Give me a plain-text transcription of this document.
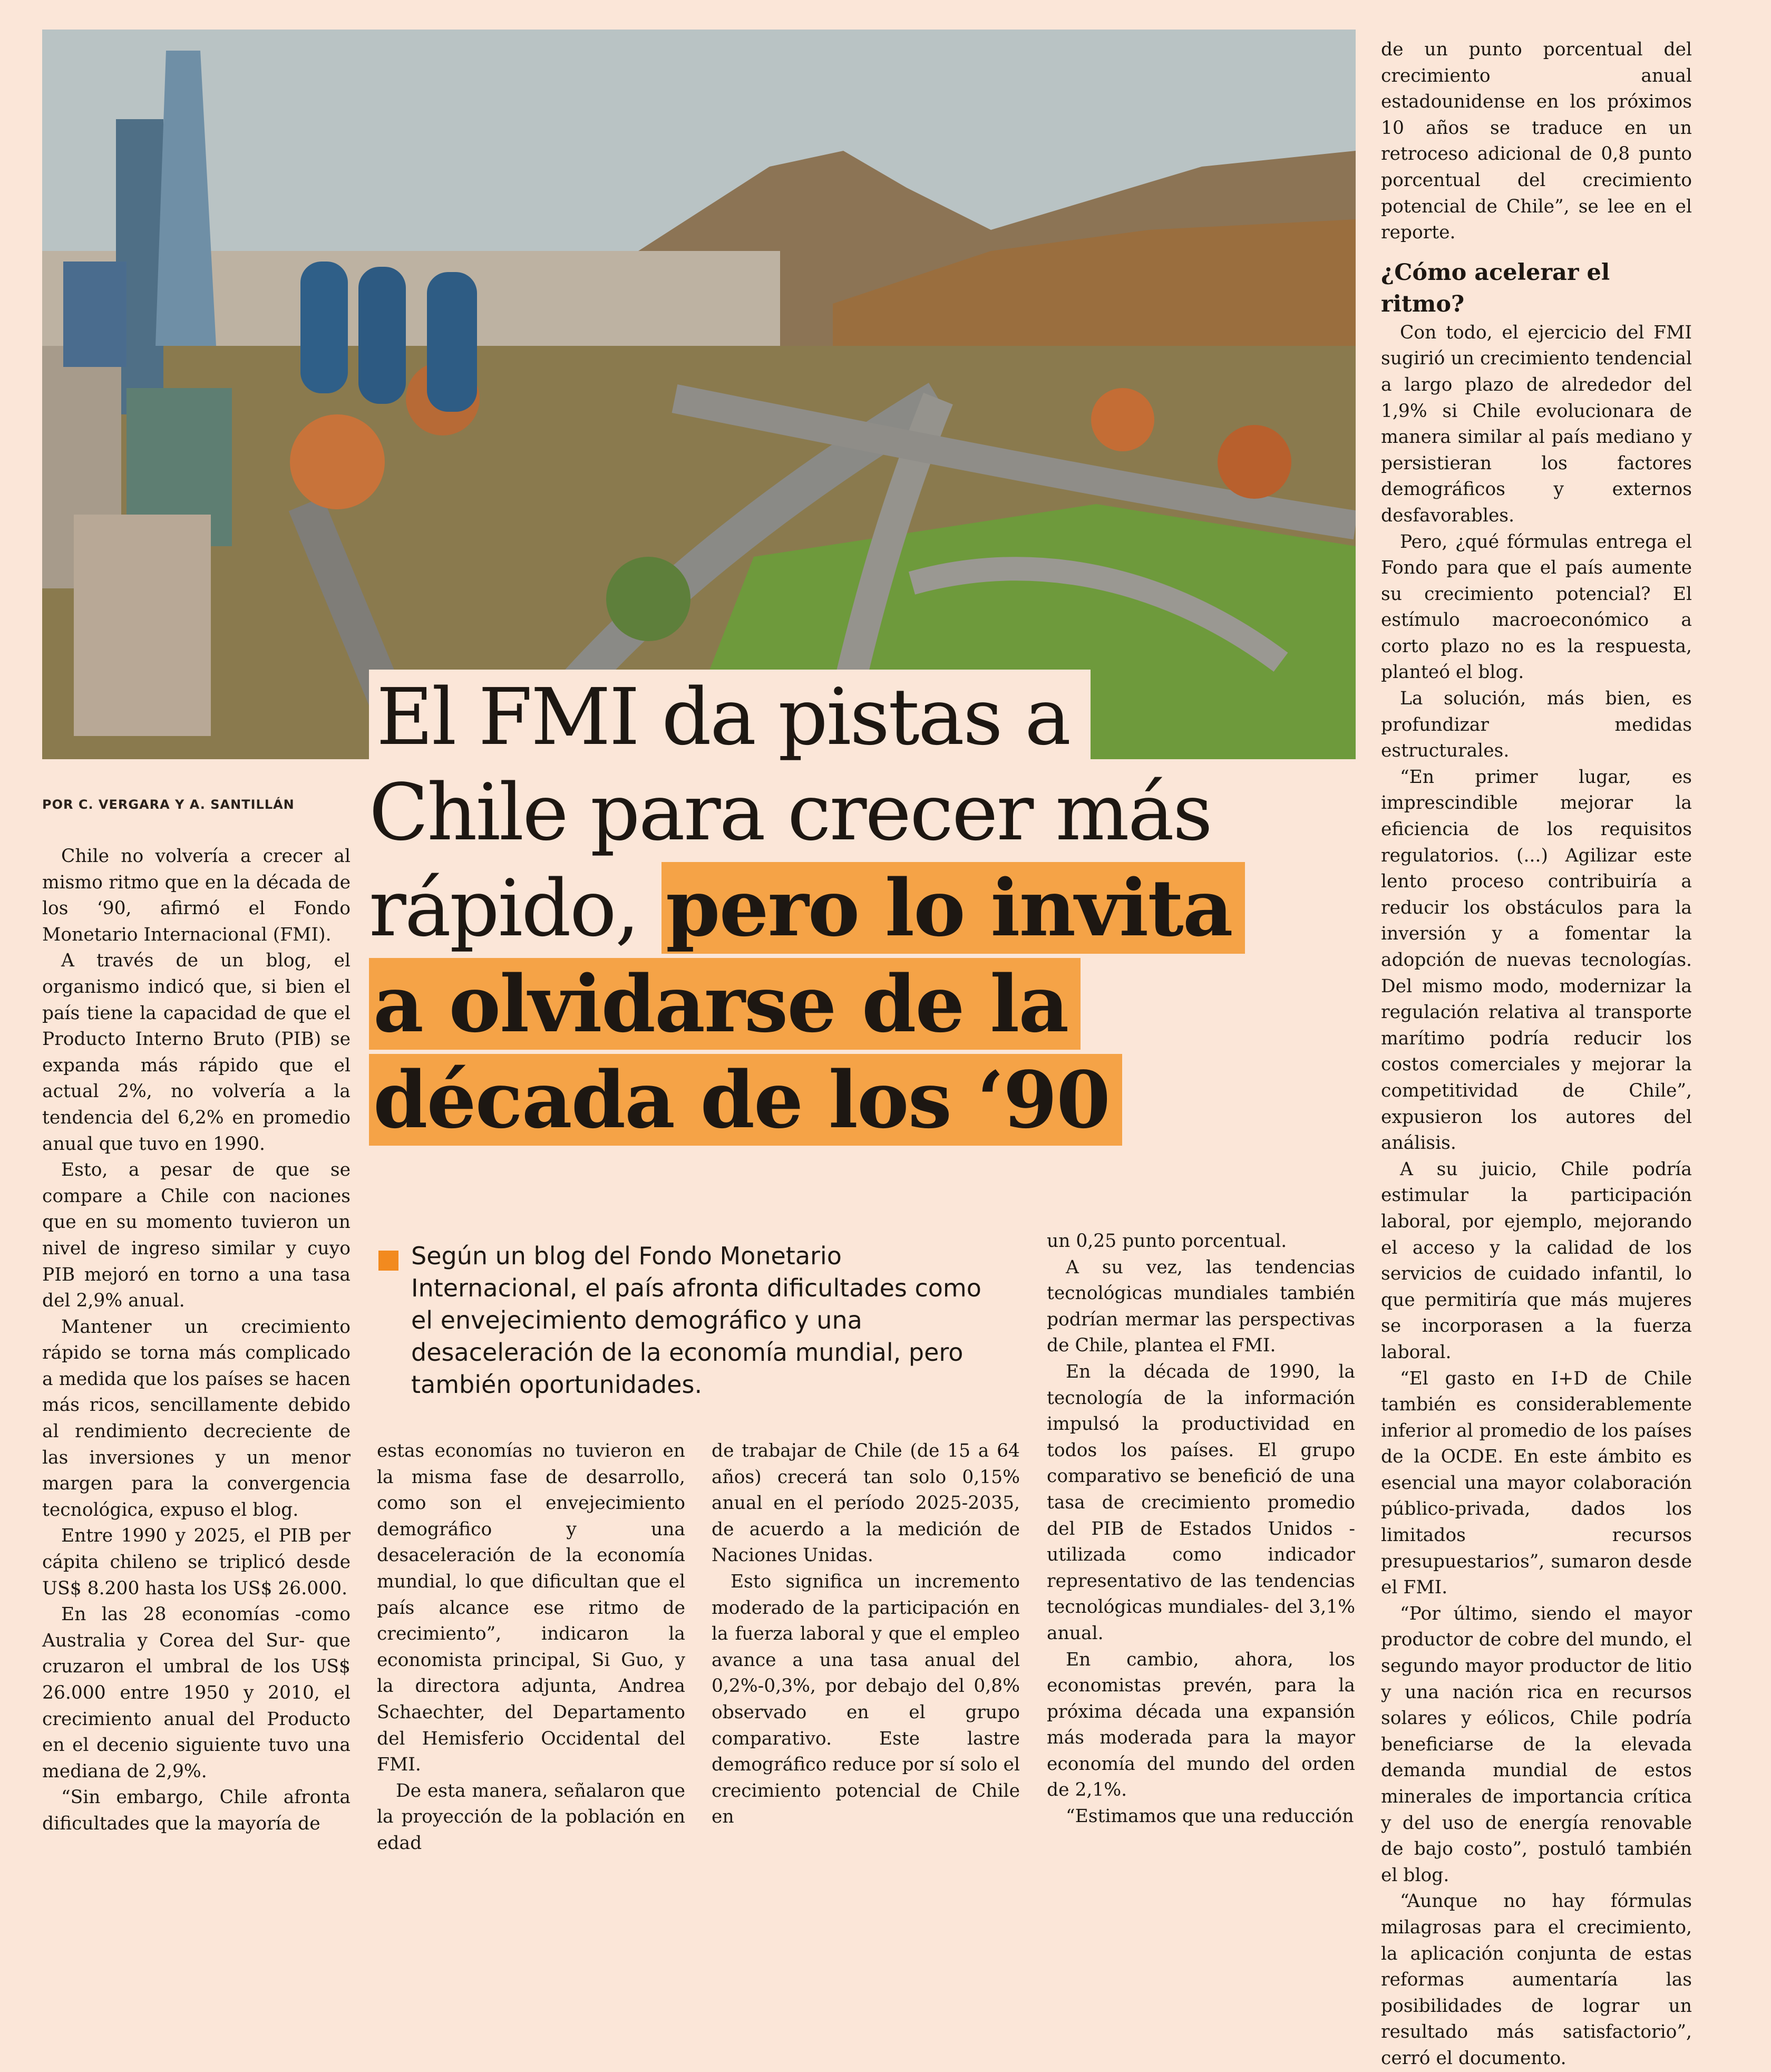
POR C. VERGARA Y A. SANTILLÁN
El FMI da pistas a
Chile para crecer más rápido, pero lo invita a olvidarse de la década de los ‘90
Según un blog del Fondo Monetario Internacional, el país afronta dificultades como el envejecimiento demográfico y una desaceleración de la economía mundial, pero también oportunidades.

Chile no volvería a crecer al mismo ritmo que en la década de los ‘90, afirmó el Fondo Monetario Internacional (FMI).

A través de un blog, el organismo indicó que, si bien el país tiene la capacidad de que el Producto Interno Bruto (PIB) se expanda más rápido que el actual 2%, no volvería a la tendencia del 6,2% en promedio anual que tuvo en 1990.

Esto, a pesar de que se compare a Chile con naciones que en su momento tuvieron un nivel de ingreso similar y cuyo PIB mejoró en torno a una tasa del 2,9% anual.

Mantener un crecimiento rápido se torna más complicado a medida que los países se hacen más ricos, sencillamente debido al rendimiento decreciente de las inversiones y un menor margen para la convergencia tecnológica, expuso el blog.

Entre 1990 y 2025, el PIB per cápita chileno se triplicó desde US$ 8.200 hasta los US$ 26.000.

En las 28 economías -como Australia y Corea del Sur- que cruzaron el umbral de los US$ 26.000 entre 1950 y 2010, el crecimiento anual del Producto en el decenio siguiente tuvo una mediana de 2,9%.

“Sin embargo, Chile afronta dificultades que la mayoría de

estas economías no tuvieron en la misma fase de desarrollo, como son el envejecimiento demográfico y una desaceleración de la economía mundial, lo que dificultan que el país alcance ese ritmo de crecimiento”, indicaron la economista principal, Si Guo, y la directora adjunta, Andrea Schaechter, del Departamento del Hemisferio Occidental del FMI.

De esta manera, señalaron que la proyección de la población en edad

de trabajar de Chile (de 15 a 64 años) crecerá tan solo 0,15% anual en el período 2025-2035, de acuerdo a la medición de Naciones Unidas.

Esto significa un incremento moderado de la participación en la fuerza laboral y que el empleo avance a una tasa anual del 0,2%-0,3%, por debajo del 0,8% observado en el grupo comparativo. Este lastre demográfico reduce por sí solo el crecimiento potencial de Chile en

un 0,25 punto porcentual.

A su vez, las tendencias tecnológicas mundiales también podrían mermar las perspectivas de Chile, plantea el FMI.

En la década de 1990, la tecnología de la información impulsó la productividad en todos los países. El grupo comparativo se benefició de una tasa de crecimiento promedio del PIB de Estados Unidos -utilizada como indicador representativo de las tendencias tecnológicas mundiales- del 3,1% anual.

En cambio, ahora, los economistas prevén, para la próxima década una expansión más moderada para la mayor economía del mundo del orden de 2,1%.

“Estimamos que una reducción

de un punto porcentual del crecimiento anual estadounidense en los próximos 10 años se traduce en un retroceso adicional de 0,8 punto porcentual del crecimiento potencial de Chile”, se lee en el reporte.

¿Cómo acelerar el ritmo?

Con todo, el ejercicio del FMI sugirió un crecimiento tendencial a largo plazo de alrededor del 1,9% si Chile evolucionara de manera similar al país mediano y persistieran los factores demográficos y externos desfavorables.

Pero, ¿qué fórmulas entrega el Fondo para que el país aumente su crecimiento potencial? El estímulo macroeconómico a corto plazo no es la respuesta, planteó el blog.

La solución, más bien, es profundizar medidas estructurales.

“En primer lugar, es imprescindible mejorar la eficiencia de los requisitos regulatorios. (...) Agilizar este lento proceso contribuiría a reducir los obstáculos para la inversión y a fomentar la adopción de nuevas tecnologías. Del mismo modo, modernizar la regulación relativa al transporte marítimo podría reducir los costos comerciales y mejorar la competitividad de Chile”, expusieron los autores del análisis.

A su juicio, Chile podría estimular la participación laboral, por ejemplo, mejorando el acceso y la calidad de los servicios de cuidado infantil, lo que permitiría que más mujeres se incorporasen a la fuerza laboral.

“El gasto en I+D de Chile también es considerablemente inferior al promedio de los países de la OCDE. En este ámbito es esencial una mayor colaboración público-privada, dados los limitados recursos presupuestarios”, sumaron desde el FMI.

“Por último, siendo el mayor productor de cobre del mundo, el segundo mayor productor de litio y una nación rica en recursos solares y eólicos, Chile podría beneficiarse de la elevada demanda mundial de estos minerales de importancia crítica y del uso de energía renovable de bajo costo”, postuló también el blog.

“Aunque no hay fórmulas milagrosas para el crecimiento, la aplicación conjunta de estas reformas aumentaría las posibilidades de lograr un resultado más satisfactorio”, cerró el documento.
